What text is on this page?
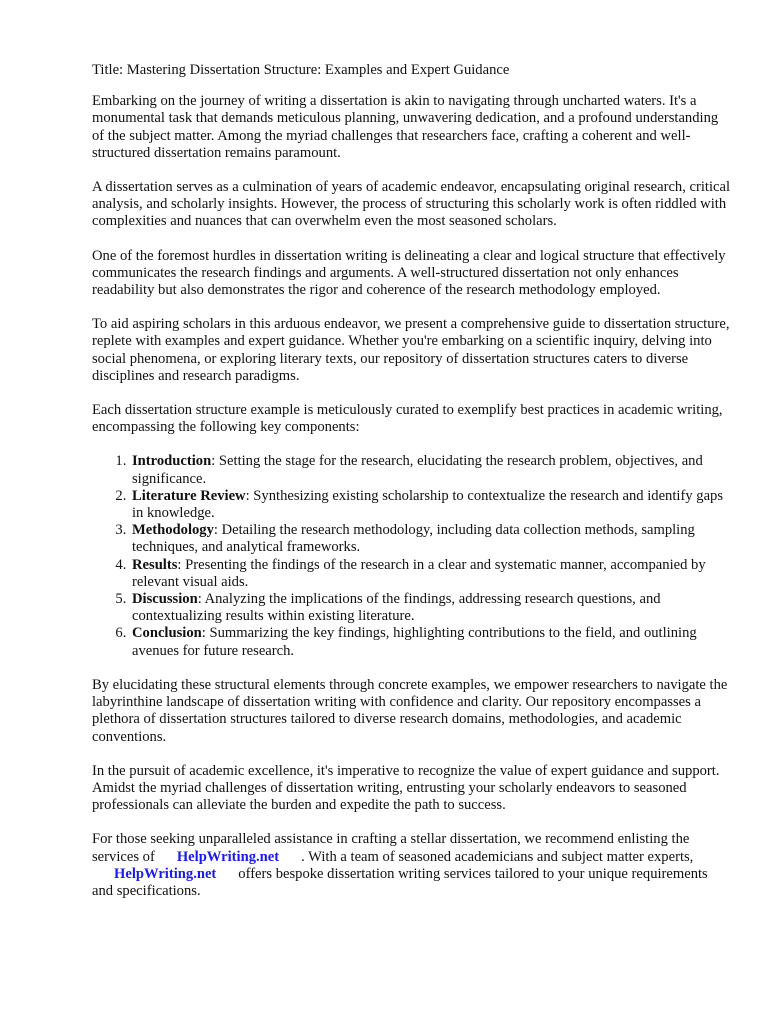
Title: Mastering Dissertation Structure: Examples and Expert Guidance

Embarking on the journey of writing a dissertation is akin to navigating through uncharted waters. It's a monumental task that demands meticulous planning, unwavering dedication, and a profound understanding of the subject matter. Among the myriad challenges that researchers face, crafting a coherent and well-structured dissertation remains paramount.

A dissertation serves as a culmination of years of academic endeavor, encapsulating original research, critical analysis, and scholarly insights. However, the process of structuring this scholarly work is often riddled with complexities and nuances that can overwhelm even the most seasoned scholars.

One of the foremost hurdles in dissertation writing is delineating a clear and logical structure that effectively communicates the research findings and arguments. A well-structured dissertation not only enhances readability but also demonstrates the rigor and coherence of the research methodology employed.

To aid aspiring scholars in this arduous endeavor, we present a comprehensive guide to dissertation structure, replete with examples and expert guidance. Whether you're embarking on a scientific inquiry, delving into social phenomena, or exploring literary texts, our repository of dissertation structures caters to diverse disciplines and research paradigms.

Each dissertation structure example is meticulously curated to exemplify best practices in academic writing, encompassing the following key components:

1. Introduction: Setting the stage for the research, elucidating the research problem, objectives, and significance.
2. Literature Review: Synthesizing existing scholarship to contextualize the research and identify gaps in knowledge.
3. Methodology: Detailing the research methodology, including data collection methods, sampling techniques, and analytical frameworks.
4. Results: Presenting the findings of the research in a clear and systematic manner, accompanied by relevant visual aids.
5. Discussion: Analyzing the implications of the findings, addressing research questions, and contextualizing results within existing literature.
6. Conclusion: Summarizing the key findings, highlighting contributions to the field, and outlining avenues for future research.

By elucidating these structural elements through concrete examples, we empower researchers to navigate the labyrinthine landscape of dissertation writing with confidence and clarity. Our repository encompasses a plethora of dissertation structures tailored to diverse research domains, methodologies, and academic conventions.

In the pursuit of academic excellence, it's imperative to recognize the value of expert guidance and support. Amidst the myriad challenges of dissertation writing, entrusting your scholarly endeavors to seasoned professionals can alleviate the burden and expedite the path to success.

For those seeking unparalleled assistance in crafting a stellar dissertation, we recommend enlisting the services of HelpWriting.net . With a team of seasoned academicians and subject matter experts,HelpWriting.net offers bespoke dissertation writing services tailored to your unique requirements and specifications.
